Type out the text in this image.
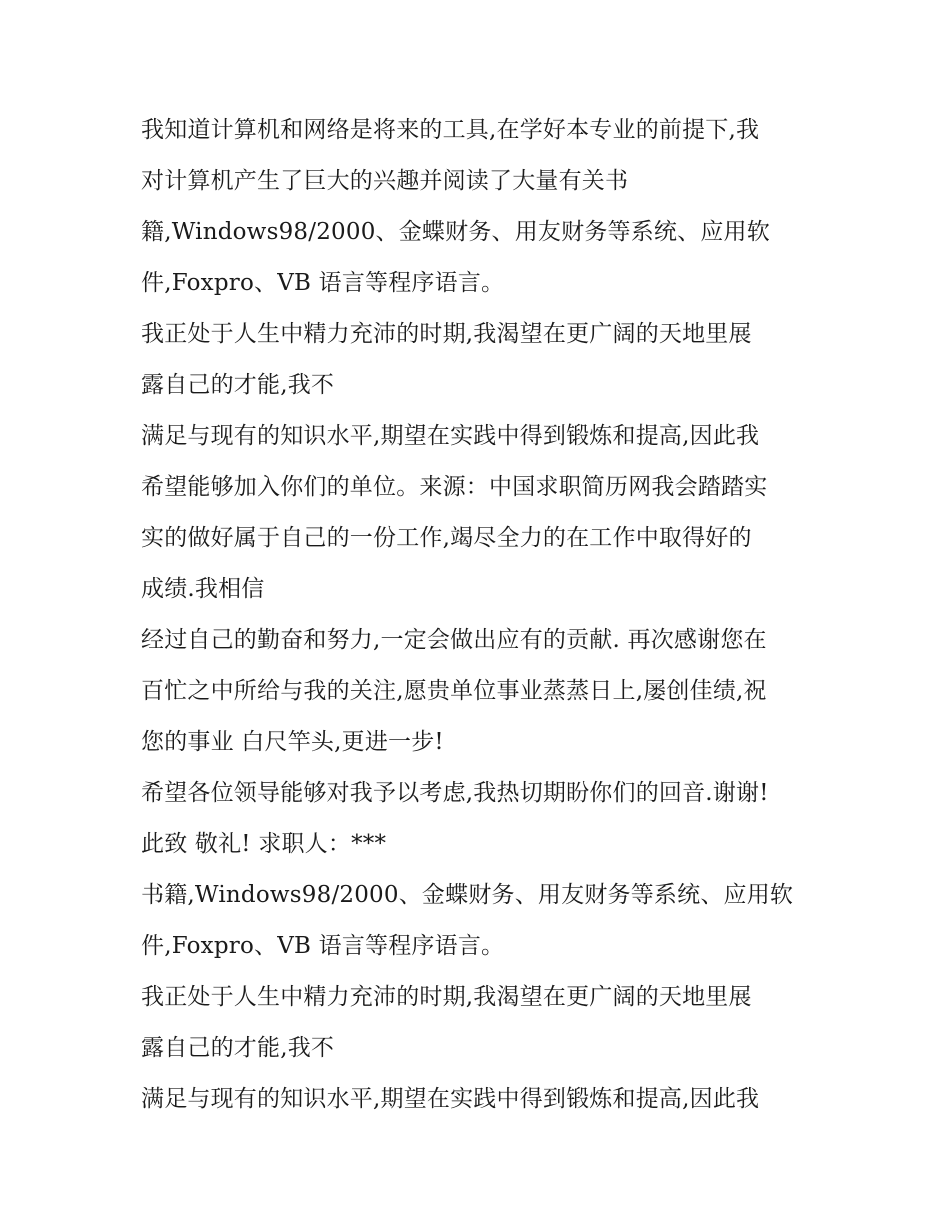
我知道计算机和网络是将来的工具,在学好本专业的前提下,我
对计算机产生了巨大的兴趣并阅读了大量有关书
籍,Windows98/2000、金蝶财务、用友财务等系统、应用软
件,Foxpro、VB 语言等程序语言。
我正处于人生中精力充沛的时期,我渴望在更广阔的天地里展
露自己的才能,我不
满足与现有的知识水平,期望在实践中得到锻炼和提高,因此我
希望能够加入你们的单位。来源：中国求职简历网我会踏踏实
实的做好属于自己的一份工作,竭尽全力的在工作中取得好的
成绩.我相信
经过自己的勤奋和努力,一定会做出应有的贡献. 再次感谢您在
百忙之中所给与我的关注,愿贵单位事业蒸蒸日上,屡创佳绩,祝
您的事业 白尺竿头,更进一步!
希望各位领导能够对我予以考虑,我热切期盼你们的回音.谢谢!
此致 敬礼! 求职人：***
书籍,Windows98/2000、金蝶财务、用友财务等系统、应用软
件,Foxpro、VB 语言等程序语言。
我正处于人生中精力充沛的时期,我渴望在更广阔的天地里展
露自己的才能,我不
满足与现有的知识水平,期望在实践中得到锻炼和提高,因此我
